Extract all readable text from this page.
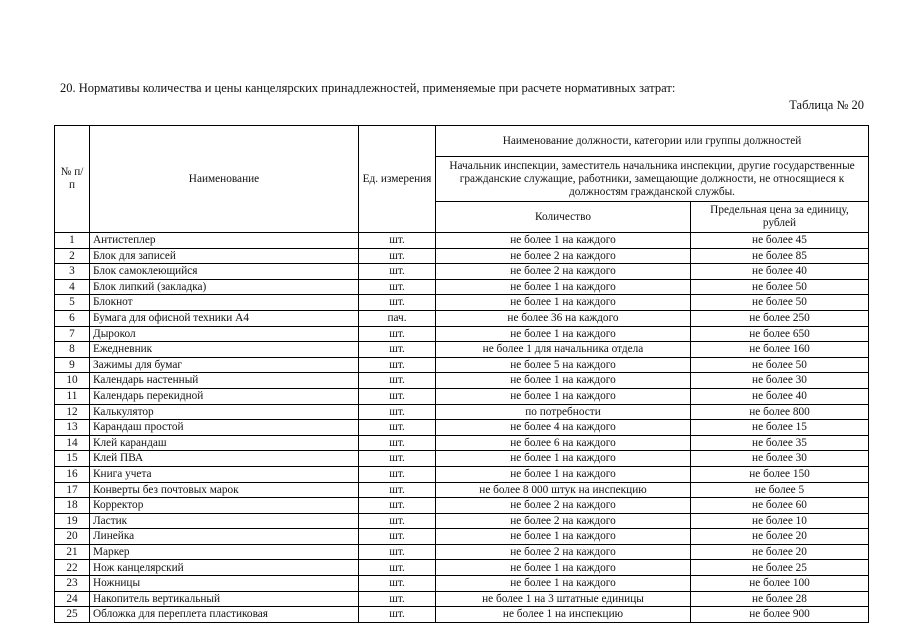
20. Нормативы количества и цены канцелярских принадлежностей, применяемые при расчете нормативных затрат:
Таблица № 20
№ п/п	Наименование	Ед. измерения	Наименование должности, категории или группы должностей	
			Начальник инспекции, заместитель начальника инспекции, другие государственные гражданские служащие, работники, замещающие должности, не относящиеся к должностям гражданской службы.	
			Количество	Предельная цена за единицу, рублей
1	Антистеплер	шт.	не более 1 на каждого	не более 45
2	Блок для записей	шт.	не более 2 на каждого	не более 85
3	Блок самоклеющийся	шт.	не более 2 на каждого	не более 40
4	Блок липкий (закладка)	шт.	не более 1 на каждого	не более 50
5	Блокнот	шт.	не более 1 на каждого	не более 50
6	Бумага для офисной техники А4	пач.	не более 36 на каждого	не более 250
7	Дырокол	шт.	не более 1 на каждого	не более 650
8	Ежедневник	шт.	не более 1 для начальника отдела	не более 160
9	Зажимы для бумаг	шт.	не более 5 на каждого	не более 50
10	Календарь настенный	шт.	не более 1 на каждого	не более 30
11	Календарь перекидной	шт.	не более 1 на каждого	не более 40
12	Калькулятор	шт.	по потребности	не более 800
13	Карандаш простой	шт.	не более 4 на каждого	не более 15
14	Клей карандаш	шт.	не более 6 на каждого	не более 35
15	Клей ПВА	шт.	не более 1 на каждого	не более 30
16	Книга учета	шт.	не более 1 на каждого	не более 150
17	Конверты без почтовых марок	шт.	не более 8 000 штук на инспекцию	не более 5
18	Корректор	шт.	не более 2 на каждого	не более 60
19	Ластик	шт.	не более 2 на каждого	не более 10
20	Линейка	шт.	не более 1 на каждого	не более 20
21	Маркер	шт.	не более 2 на каждого	не более 20
22	Нож канцелярский	шт.	не более 1 на каждого	не более 25
23	Ножницы	шт.	не более 1 на каждого	не более 100
24	Накопитель вертикальный	шт.	не более 1 на 3 штатные единицы	не более 28
25	Обложка для переплета пластиковая	шт.	не более 1 на инспекцию	не более 900
